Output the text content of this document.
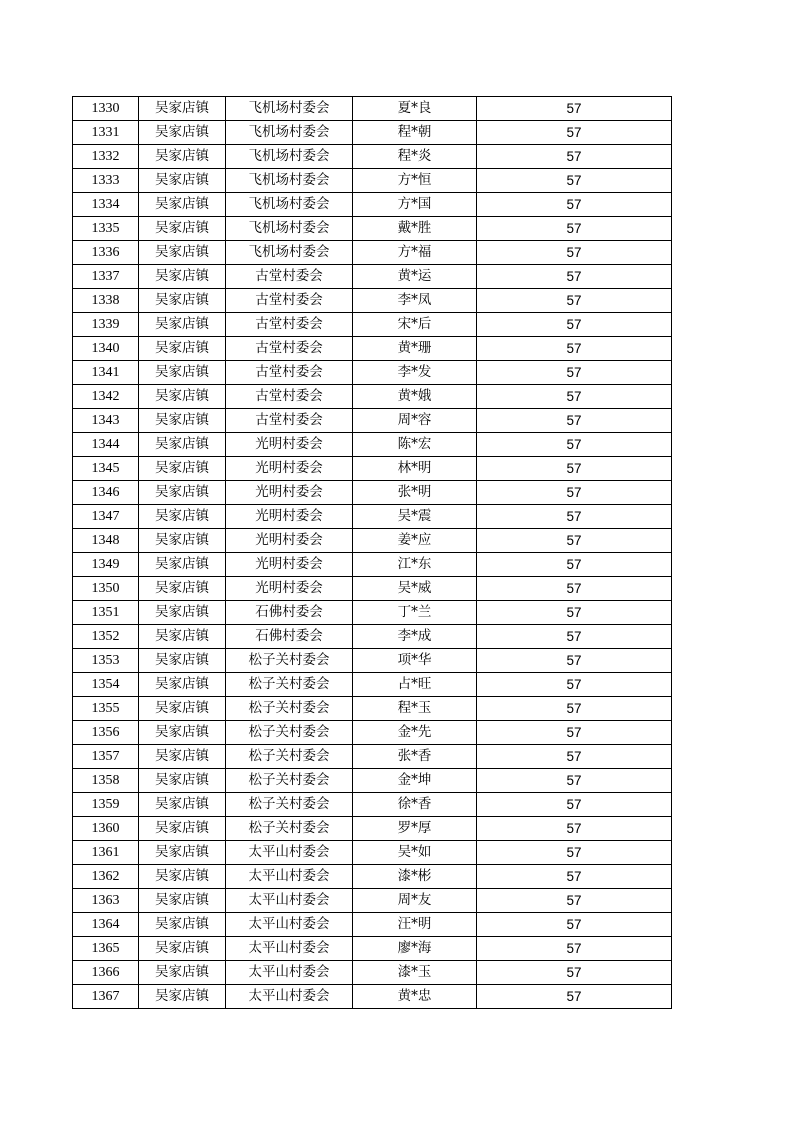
1330	吴家店镇	飞机场村委会	夏*良	57
1331	吴家店镇	飞机场村委会	程*朝	57
1332	吴家店镇	飞机场村委会	程*炎	57
1333	吴家店镇	飞机场村委会	方*恒	57
1334	吴家店镇	飞机场村委会	方*国	57
1335	吴家店镇	飞机场村委会	戴*胜	57
1336	吴家店镇	飞机场村委会	方*福	57
1337	吴家店镇	古堂村委会	黄*运	57
1338	吴家店镇	古堂村委会	李*凤	57
1339	吴家店镇	古堂村委会	宋*后	57
1340	吴家店镇	古堂村委会	黄*珊	57
1341	吴家店镇	古堂村委会	李*发	57
1342	吴家店镇	古堂村委会	黄*娥	57
1343	吴家店镇	古堂村委会	周*容	57
1344	吴家店镇	光明村委会	陈*宏	57
1345	吴家店镇	光明村委会	林*明	57
1346	吴家店镇	光明村委会	张*明	57
1347	吴家店镇	光明村委会	吴*震	57
1348	吴家店镇	光明村委会	姜*应	57
1349	吴家店镇	光明村委会	江*东	57
1350	吴家店镇	光明村委会	吴*威	57
1351	吴家店镇	石佛村委会	丁*兰	57
1352	吴家店镇	石佛村委会	李*成	57
1353	吴家店镇	松子关村委会	项*华	57
1354	吴家店镇	松子关村委会	占*旺	57
1355	吴家店镇	松子关村委会	程*玉	57
1356	吴家店镇	松子关村委会	金*先	57
1357	吴家店镇	松子关村委会	张*香	57
1358	吴家店镇	松子关村委会	金*坤	57
1359	吴家店镇	松子关村委会	徐*香	57
1360	吴家店镇	松子关村委会	罗*厚	57
1361	吴家店镇	太平山村委会	吴*如	57
1362	吴家店镇	太平山村委会	漆*彬	57
1363	吴家店镇	太平山村委会	周*友	57
1364	吴家店镇	太平山村委会	汪*明	57
1365	吴家店镇	太平山村委会	廖*海	57
1366	吴家店镇	太平山村委会	漆*玉	57
1367	吴家店镇	太平山村委会	黄*忠	57
